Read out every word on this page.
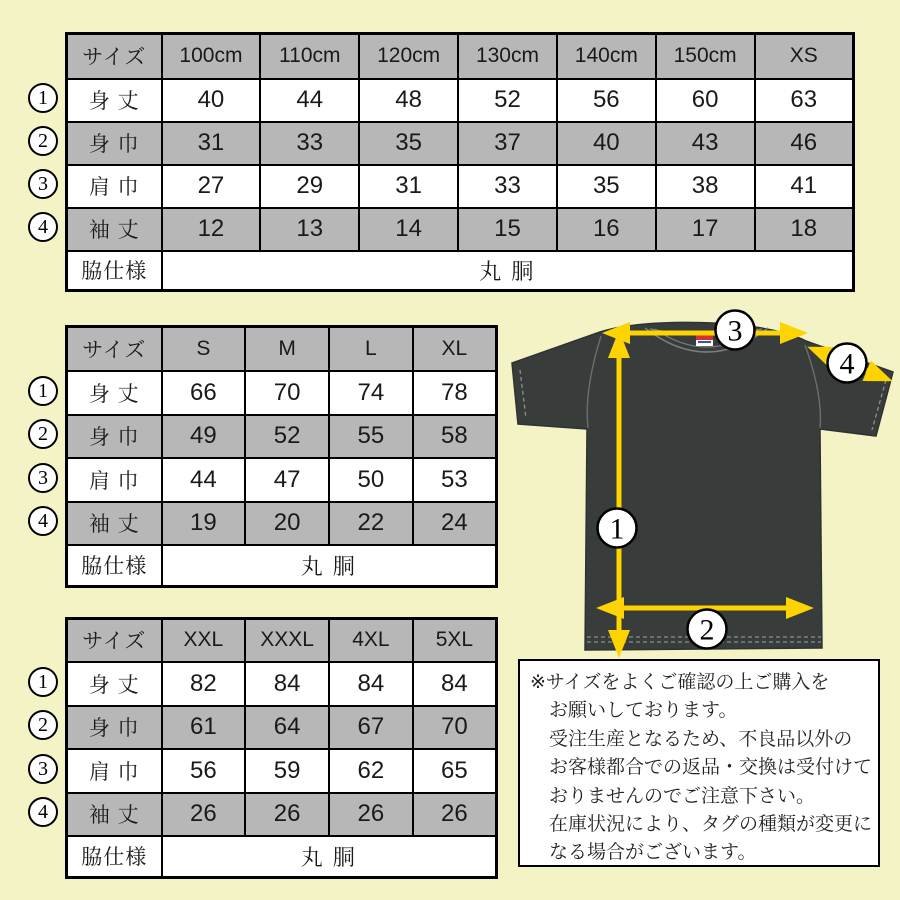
サイズ	100cm	110cm	120cm	130cm	140cm	150cm	XS
身 丈	40	44	48	52	56	60	63
身 巾	31	33	35	37	40	43	46
肩 巾	27	29	31	33	35	38	41
袖 丈	12	13	14	15	16	17	18
脇仕様	丸 胴						
サイズ	S	M	L	XL
身 丈	66	70	74	78
身 巾	49	52	55	58
肩 巾	44	47	50	53
袖 丈	19	20	22	24
脇仕様	丸 胴			
サイズ	XXL	XXXL	4XL	5XL
身 丈	82	84	84	84
身 巾	61	64	67	70
肩 巾	56	59	62	65
袖 丈	26	26	26	26
脇仕様	丸 胴			
1
2
3
4
1
2
3
4
1
2
3
4
3
4
1
2
※サイズをよくご確認の上ご購入を
お願いしております。
受注生産となるため、不良品以外の
お客様都合での返品・交換は受付けて
おりませんのでご注意下さい。
在庫状況により、タグの種類が変更に
なる場合がございます。
